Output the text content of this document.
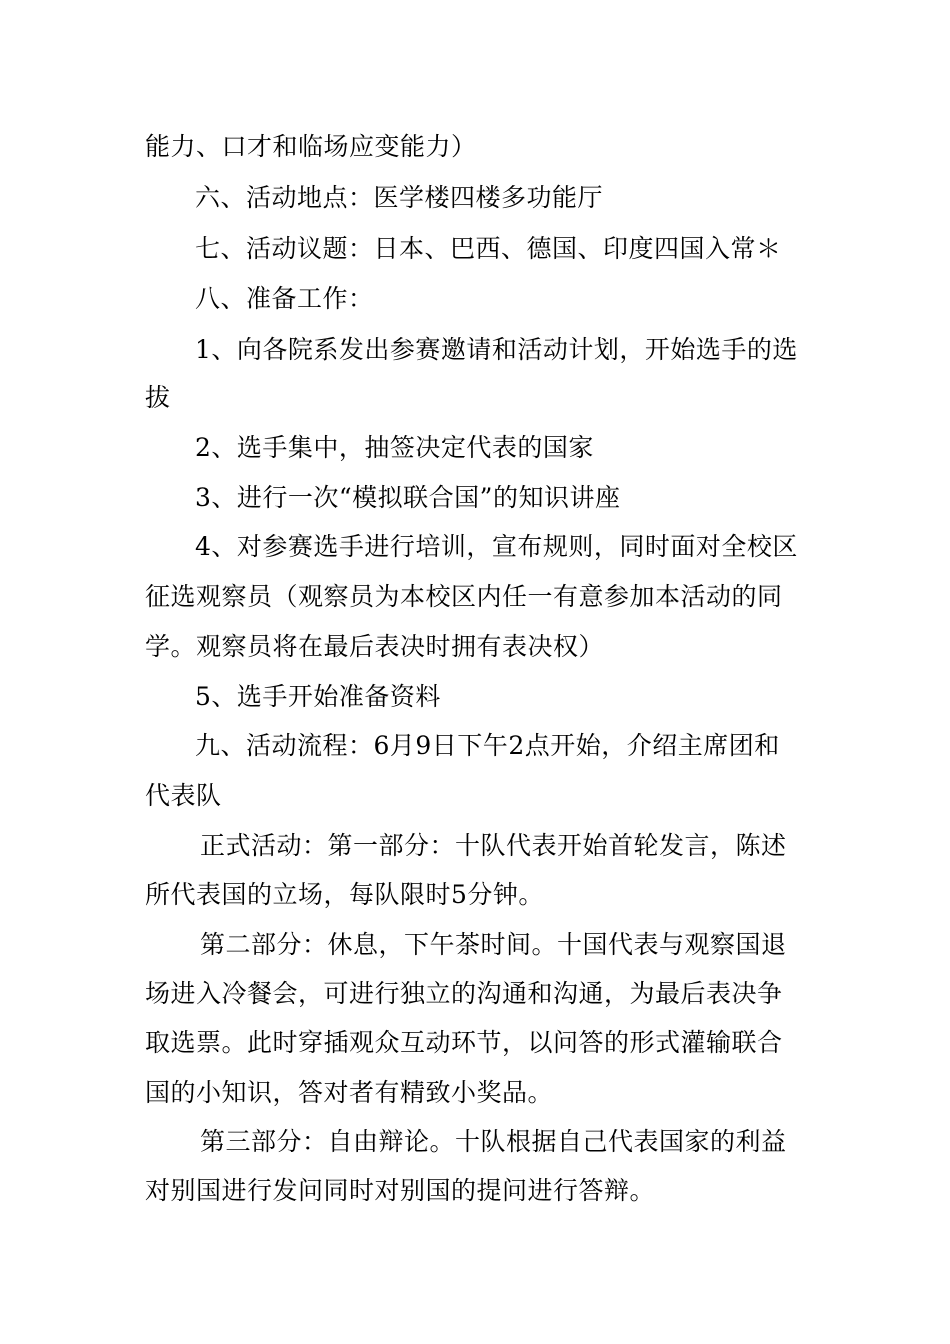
能力、口才和临场应变能力）
六、活动地点：医学楼四楼多功能厅
七、活动议题：日本、巴西、德国、印度四国入常＊
八、准备工作：
1、向各院系发出参赛邀请和活动计划，开始选手的选
拔
2、选手集中，抽签决定代表的国家
3、进行一次“模拟联合国”的知识讲座
4、对参赛选手进行培训，宣布规则，同时面对全校区
征选观察员（观察员为本校区内任一有意参加本活动的同
学。观察员将在最后表决时拥有表决权）
5、选手开始准备资料
九、活动流程：6月9日下午2点开始，介绍主席团和
代表队
正式活动：第一部分：十队代表开始首轮发言，陈述
所代表国的立场，每队限时5分钟。
第二部分：休息，下午茶时间。十国代表与观察国退
场进入冷餐会，可进行独立的沟通和沟通，为最后表决争
取选票。此时穿插观众互动环节，以问答的形式灌输联合
国的小知识，答对者有精致小奖品。
第三部分：自由辩论。十队根据自己代表国家的利益
对别国进行发问同时对别国的提问进行答辩。
